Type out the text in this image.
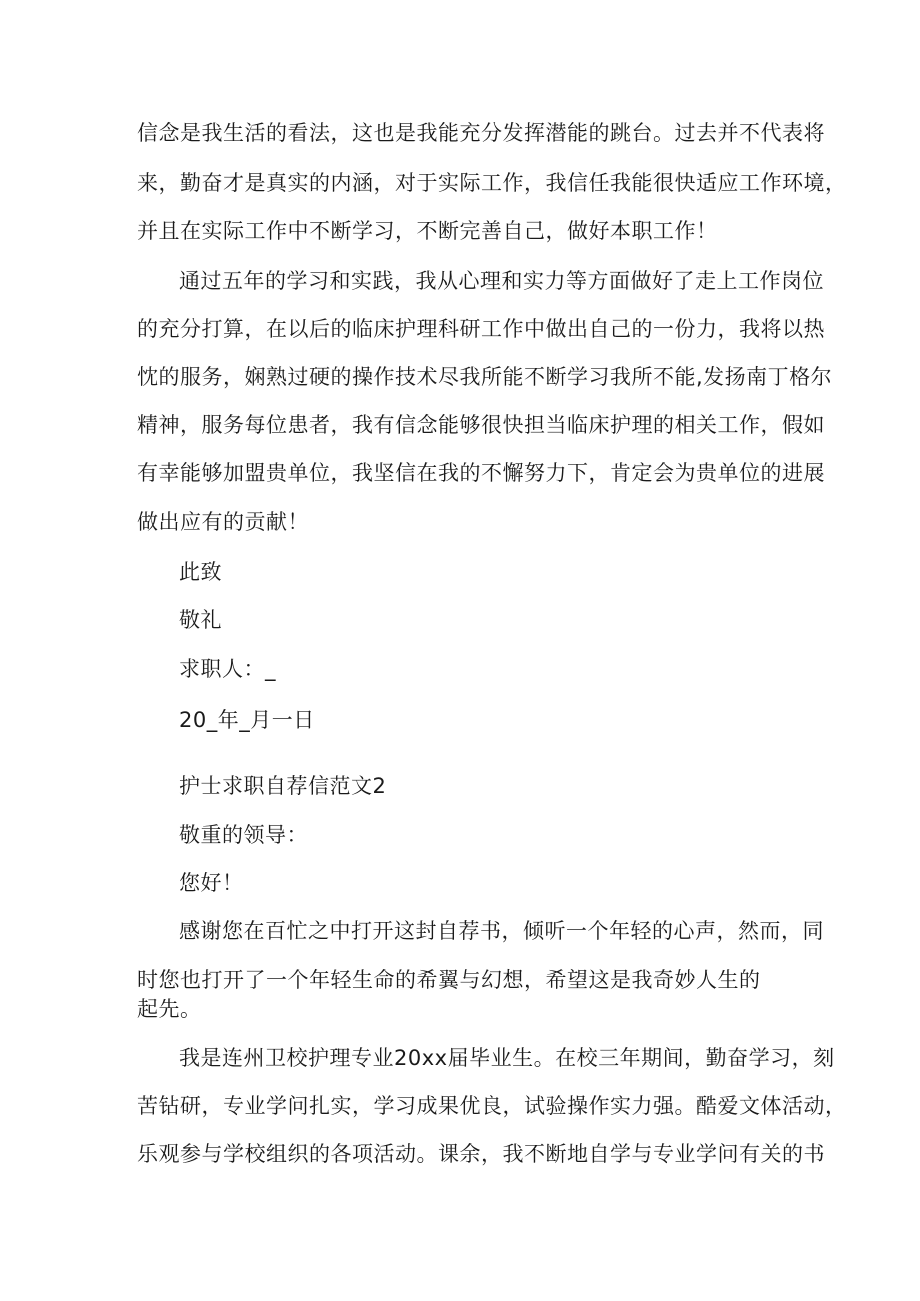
信念是我生活的看法，这也是我能充分发挥潜能的跳台。过去并不代表将
来，勤奋才是真实的内涵，对于实际工作，我信任我能很快适应工作环境，
并且在实际工作中不断学习，不断完善自己，做好本职工作！
通过五年的学习和实践，我从心理和实力等方面做好了走上工作岗位
的充分打算，在以后的临床护理科研工作中做出自己的一份力，我将以热
忱的服务，娴熟过硬的操作技术尽我所能不断学习我所不能,发扬南丁格尔
精神，服务每位患者，我有信念能够很快担当临床护理的相关工作，假如
有幸能够加盟贵单位，我坚信在我的不懈努力下，肯定会为贵单位的进展
做出应有的贡献！
此致
敬礼
求职人：_
20_年_月一日
护士求职自荐信范文2
敬重的领导：
您好！
感谢您在百忙之中打开这封自荐书，倾听一个年轻的心声，然而，同
时您也打开了一个年轻生命的希翼与幻想，希望这是我奇妙人生的
起先。
我是连州卫校护理专业20xx届毕业生。在校三年期间，勤奋学习，刻
苦钻研，专业学问扎实，学习成果优良，试验操作实力强。酷爱文体活动，
乐观参与学校组织的各项活动。课余，我不断地自学与专业学问有关的书
